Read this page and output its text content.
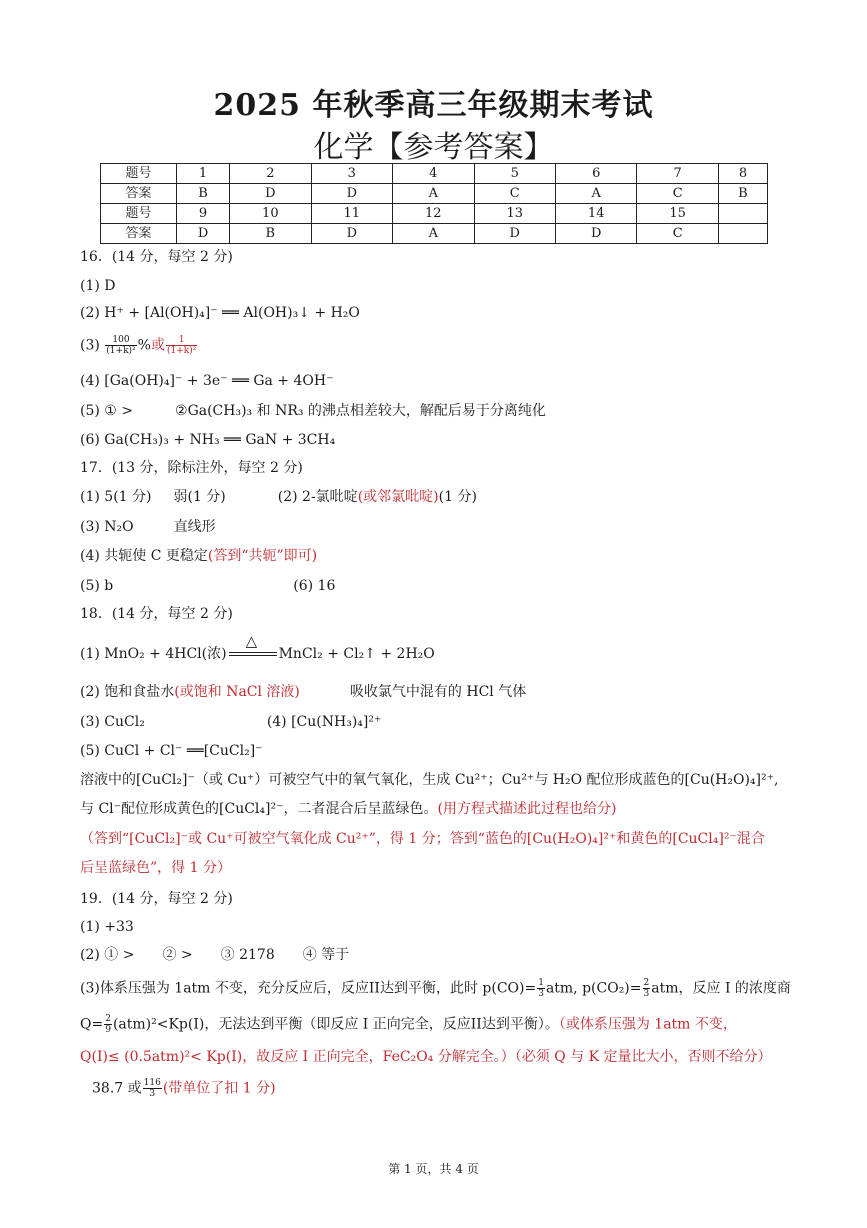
2025 年秋季高三年级期末考试
化学【参考答案】
题号	1	2	3	4	5	6	7	8
答案	B	D	D	A	C	A	C	B
题号	9	10	11	12	13	14	15	
答案	D	B	D	A	D	D	C	
16．(14 分，每空 2 分)
(1) D
(2) H⁺ + [Al(OH)₄]⁻ ══ Al(OH)₃↓ + H₂O
$(3) \frac{100}{\text{(1+k)²}}$ %或 $\frac{1}{\text{(1+k)²}}$
(4) [Ga(OH)₄]⁻ + 3e⁻ ══ Ga + 4OH⁻
(5) ① >	②Ga(CH₃)₃ 和 NR₃ 的沸点相差较大，解配后易于分离纯化
(6) Ga(CH₃)₃ + NH₃ ══ GaN + 3CH₄
17．(13 分，除标注外，每空 2 分)
(1) 5(1 分) 弱(1 分)	(2) 2-氯吡啶(或邻氯吡啶)(1 分)
(3) N₂O	直线形
(4) 共轭使 C 更稳定(答到“共轭”即可)
(5) b	(6) 16
18．(14 分，每空 2 分)
(1) MnO₂ + 4HCl(浓)
△
MnCl₂ + Cl₂↑ + 2H₂O
(2) 饱和食盐水(或饱和 NaCl 溶液)	吸收氯气中混有的 HCl 气体
(3) CuCl₂	(4) [Cu(NH₃)₄]²⁺
(5) CuCl + Cl⁻ ══[CuCl₂]⁻
溶液中的[CuCl₂]⁻（或 Cu⁺）可被空气中的氧气氧化，生成 Cu²⁺；Cu²⁺与 H₂O 配位形成蓝色的[Cu(H₂O)₄]²⁺,
与 Cl⁻配位形成黄色的[CuCl₄]²⁻，二者混合后呈蓝绿色。(用方程式描述此过程也给分)
（答到“[CuCl₂]⁻或 Cu⁺可被空气氧化成 Cu²⁺”，得 1 分；答到“蓝色的[Cu(H₂O)₄]²⁺和黄色的[CuCl₄]²⁻混合
后呈蓝绿色”，得 1 分）
19．(14 分，每空 2 分)
(1) +33
(2) ① >　　② >　　③ 2178　　④ 等于
(3)体系压强为 1atm 不变，充分反应后，反应II达到平衡，此时 $p(CO)= \frac{1}{3}$ atm, $p(CO_2)= \frac{2}{3}$ atm，反应 I 的浓度商
$Q= \frac{2}{9} (atm)^2<Kp(I)$，无法达到平衡（即反应 I 正向完全，反应II达到平衡）。（或体系压强为 1atm 不变，
Q(I)≤ (0.5atm)²< Kp(I)，故反应 I 正向完全，FeC₂O₄ 分解完全。）（必须 Q 与 K 定量比大小，否则不给分）
38.7 或 $\frac{116}{3}$ (带单位了扣 1 分)
第 1 页，共 4 页
